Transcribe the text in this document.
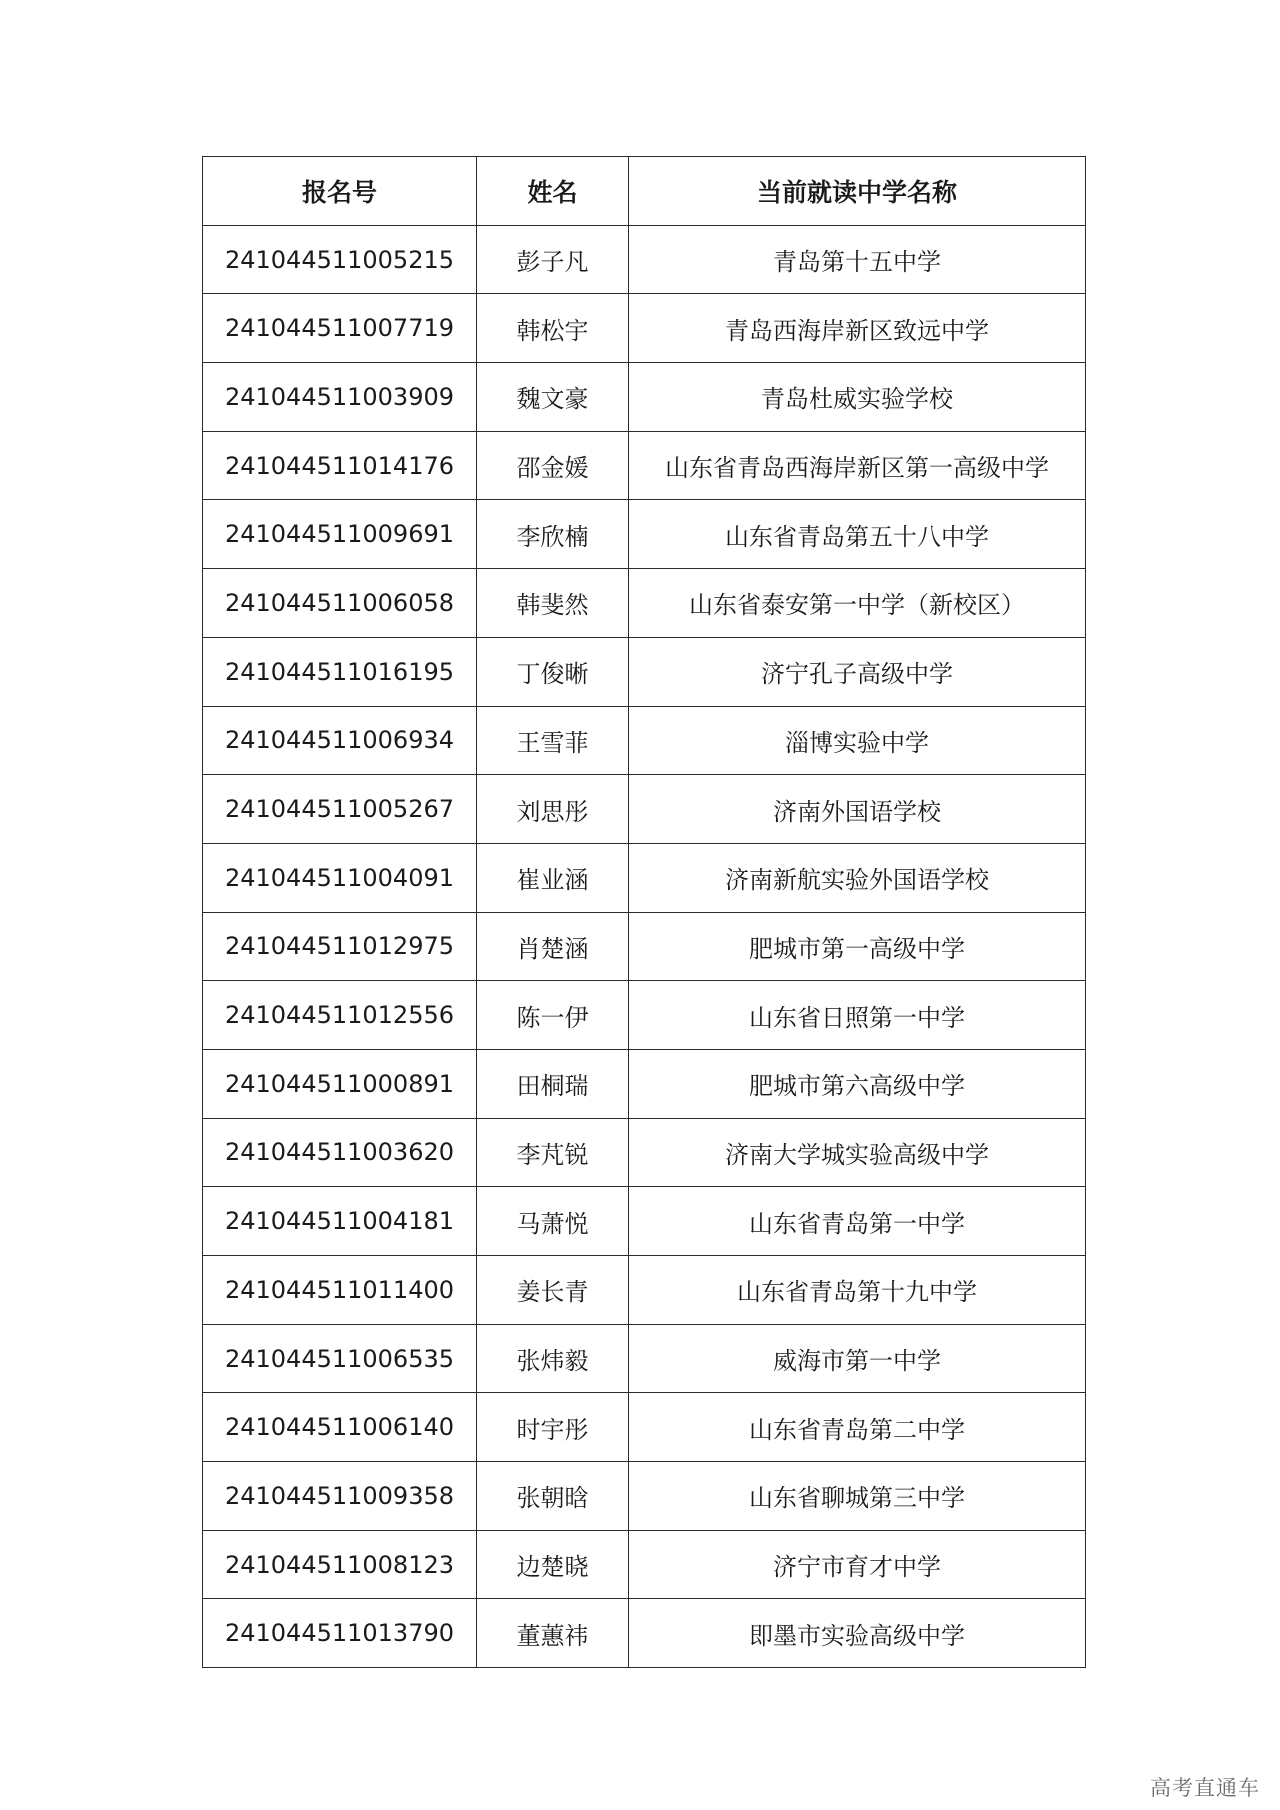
报名号	姓名	当前就读中学名称
241044511005215	彭子凡	青岛第十五中学
241044511007719	韩松宇	青岛西海岸新区致远中学
241044511003909	魏文豪	青岛杜威实验学校
241044511014176	邵金媛	山东省青岛西海岸新区第一高级中学
241044511009691	李欣楠	山东省青岛第五十八中学
241044511006058	韩斐然	山东省泰安第一中学（新校区）
241044511016195	丁俊晰	济宁孔子高级中学
241044511006934	王雪菲	淄博实验中学
241044511005267	刘思彤	济南外国语学校
241044511004091	崔业涵	济南新航实验外国语学校
241044511012975	肖楚涵	肥城市第一高级中学
241044511012556	陈一伊	山东省日照第一中学
241044511000891	田桐瑞	肥城市第六高级中学
241044511003620	李芃锐	济南大学城实验高级中学
241044511004181	马萧悦	山东省青岛第一中学
241044511011400	姜长青	山东省青岛第十九中学
241044511006535	张炜毅	威海市第一中学
241044511006140	时宇彤	山东省青岛第二中学
241044511009358	张朝晗	山东省聊城第三中学
241044511008123	边楚晓	济宁市育才中学
241044511013790	董蕙祎	即墨市实验高级中学
高考直通车
